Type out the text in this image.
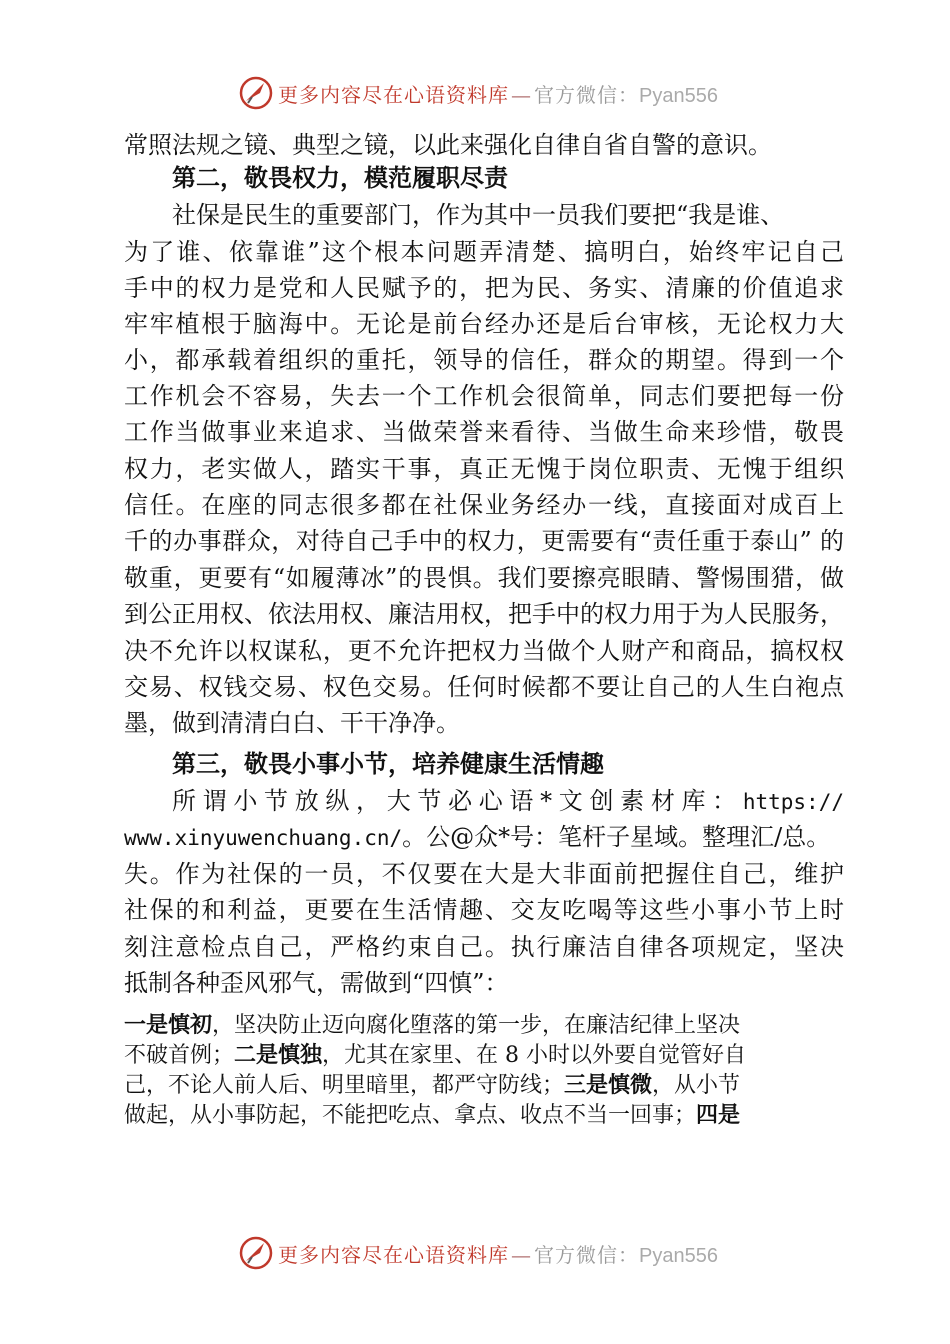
更多内容尽在心语资料库 — 官方微信：Pyan556
常照法规之镜、典型之镜，以此来强化自律自省自警的意识。
第二，敬畏权力，模范履职尽责
社保是民生的重要部门，作为其中一员我们要把“我是谁、
为了谁、依靠谁”这个根本问题弄清楚、搞明白，始终牢记自己
手中的权力是党和人民赋予的，把为民、务实、清廉的价值追求
牢牢植根于脑海中。无论是前台经办还是后台审核，无论权力大
小，都承载着组织的重托，领导的信任，群众的期望。得到一个
工作机会不容易，失去一个工作机会很简单，同志们要把每一份
工作当做事业来追求、当做荣誉来看待、当做生命来珍惜，敬畏
权力，老实做人，踏实干事，真正无愧于岗位职责、无愧于组织
信任。在座的同志很多都在社保业务经办一线，直接面对成百上
千的办事群众，对待自己手中的权力，更需要有“责任重于泰山” 的
敬重，更要有“如履薄冰”的畏惧。我们要擦亮眼睛、警惕围猎，做
到公正用权、依法用权、廉洁用权，把手中的权力用于为人民服务，
决不允许以权谋私，更不允许把权力当做个人财产和商品，搞权权
交易、权钱交易、权色交易。任何时候都不要让自己的人生白袍点
墨，做到清清白白、干干净净。
第三，敬畏小事小节，培养健康生活情趣
所谓小节放纵，大节必心语*文创素材库：https://
www.xinyuwenchuang.cn/。公@众*号：笔杆子星域。整理汇/总。
失。作为社保的一员，不仅要在大是大非面前把握住自己，维护
社保的和利益，更要在生活情趣、交友吃喝等这些小事小节上时
刻注意检点自己，严格约束自己。执行廉洁自律各项规定，坚决
抵制各种歪风邪气，需做到“四慎”：
一是慎初，坚决防止迈向腐化堕落的第一步，在廉洁纪律上坚决
不破首例；二是慎独，尤其在家里、在 8 小时以外要自觉管好自
己，不论人前人后、明里暗里，都严守防线；三是慎微，从小节
做起，从小事防起，不能把吃点、拿点、收点不当一回事；四是
更多内容尽在心语资料库 — 官方微信：Pyan556
